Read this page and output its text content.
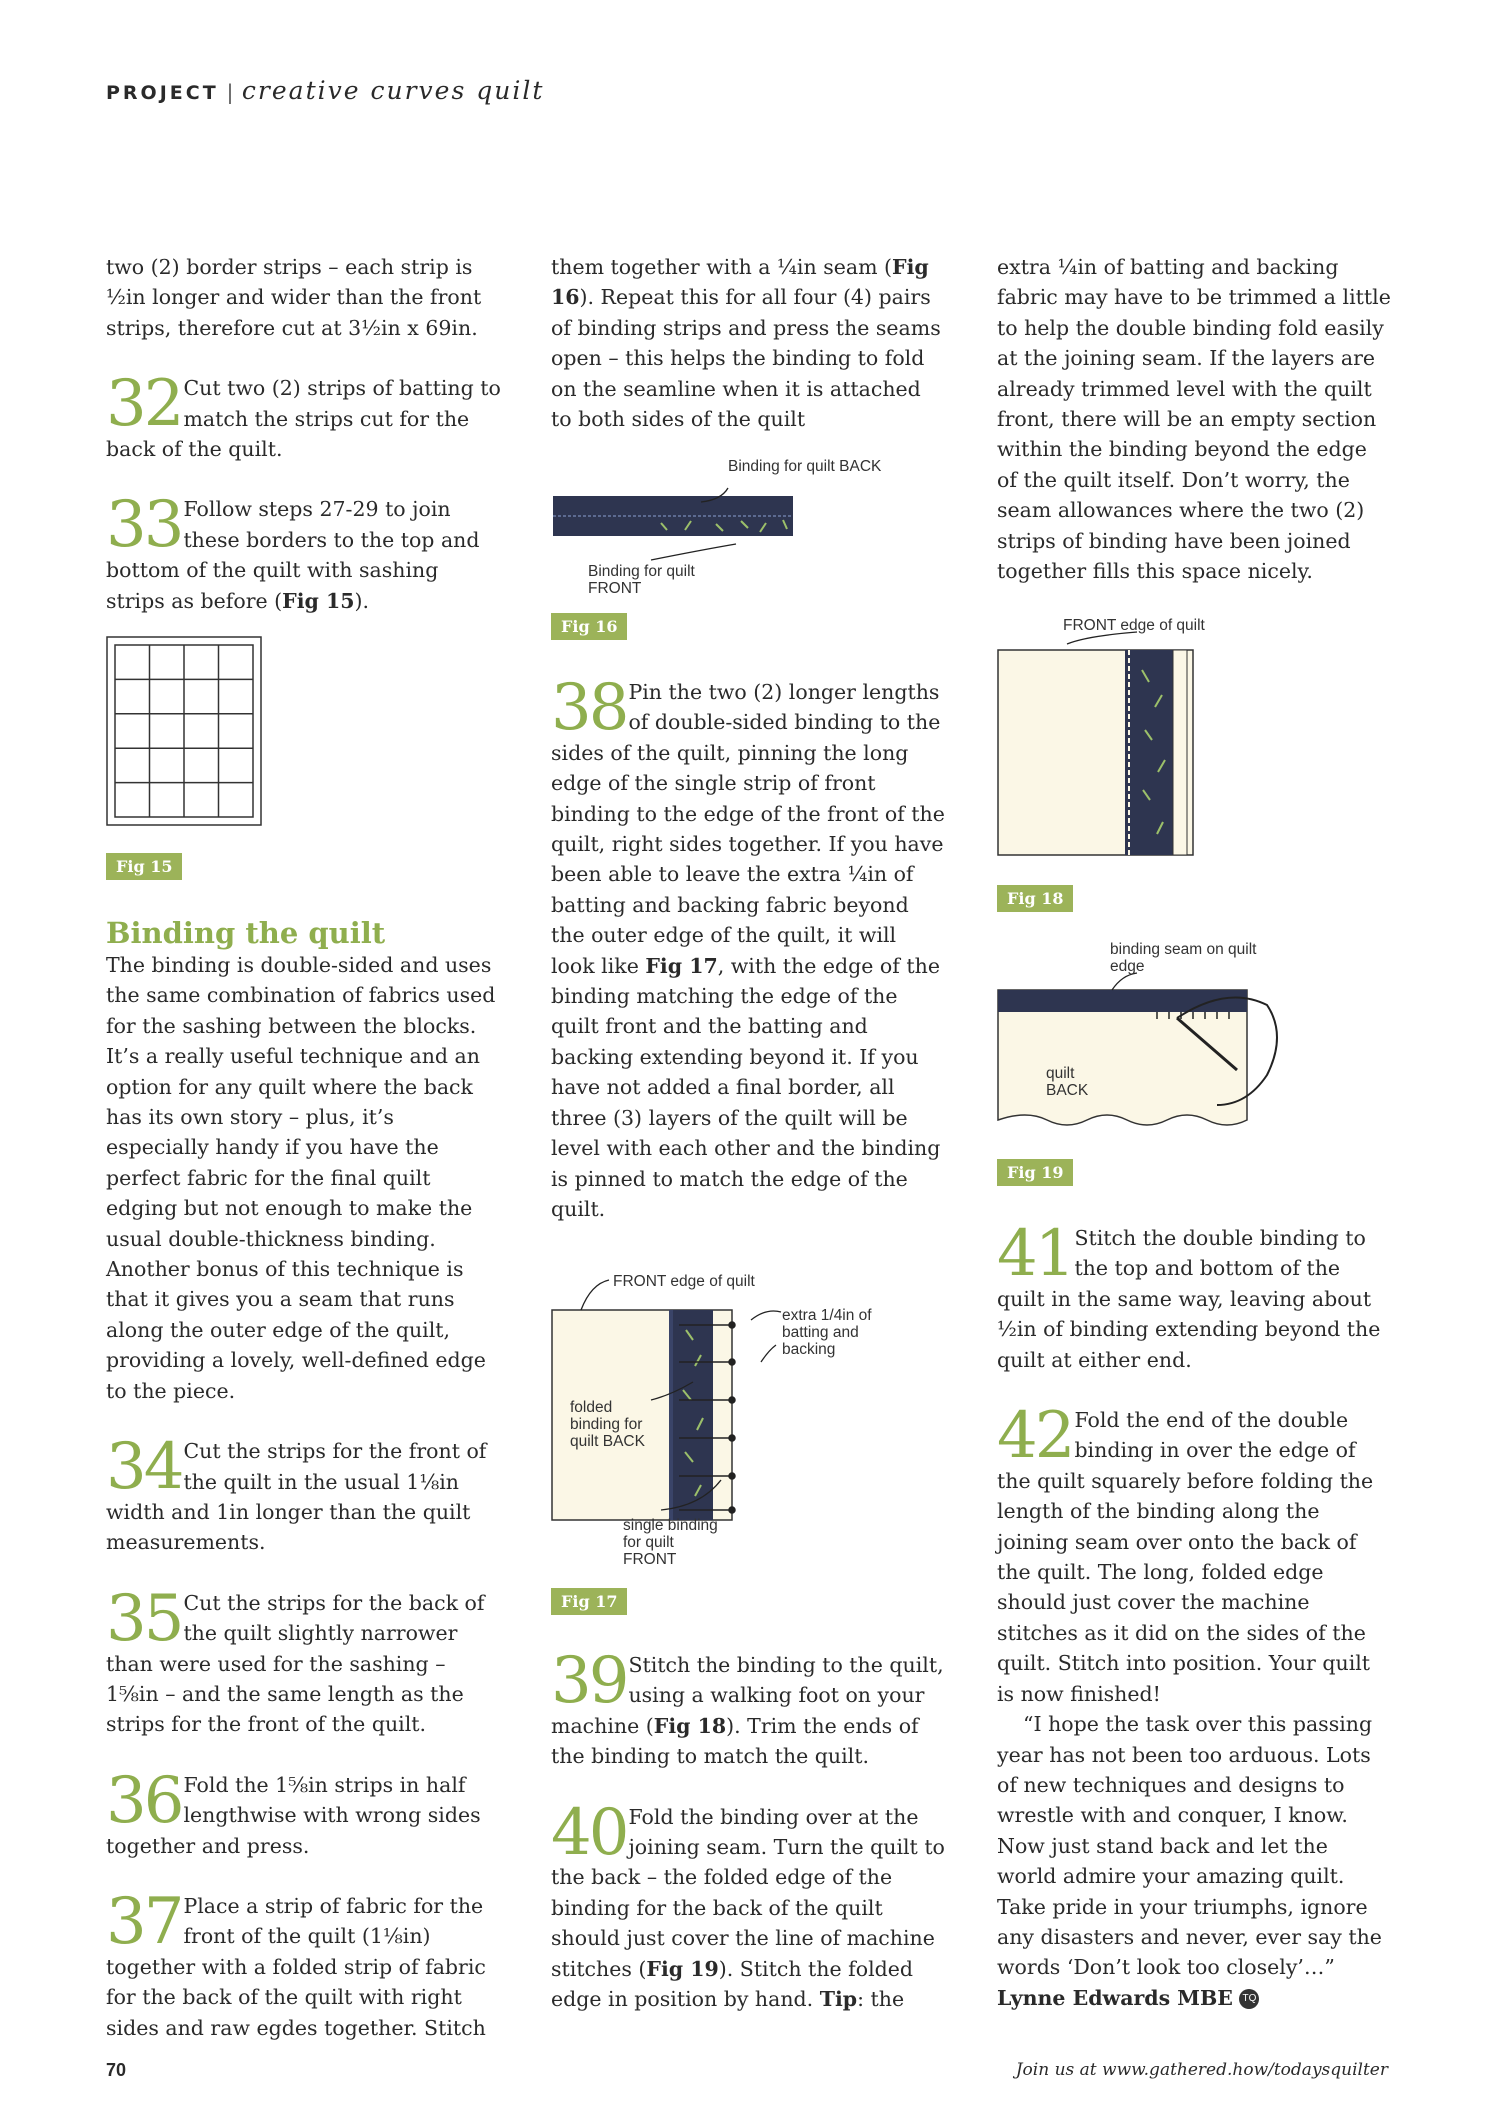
PROJECT | creative curves quilt

two (2) border strips – each strip is ½in longer and wider than the front strips, therefore cut at 3½in x 69in.

32 Cut two (2) strips of batting to match the strips cut for the back of the quilt.

33 Follow steps 27-29 to join these borders to the top and bottom of the quilt with sashing strips as before (Fig 15).

Fig 15
Binding the quilt

The binding is double-sided and uses the same combination of fabrics used for the sashing between the blocks. It’s a really useful technique and an option for any quilt where the back has its own story – plus, it’s especially handy if you have the perfect fabric for the final quilt edging but not enough to make the usual double-thickness binding. Another bonus of this technique is that it gives you a seam that runs along the outer edge of the quilt, providing a lovely, well-defined edge to the piece.

34 Cut the strips for the front of the quilt in the usual 1⅛in width and 1in longer than the quilt measurements.

35 Cut the strips for the back of the quilt slightly narrower than were used for the sashing – 1⅝in – and the same length as the strips for the front of the quilt.

36 Fold the 1⅝in strips in half lengthwise with wrong sides together and press.

37 Place a strip of fabric for the front of the quilt (1⅛in) together with a folded strip of fabric for the back of the quilt with right sides and raw egdes together. Stitch

them together with a ¼in seam (Fig 16). Repeat this for all four (4) pairs of binding strips and press the seams open – this helps the binding to fold on the seamline when it is attached to both sides of the quilt

Binding for quilt BACK
Binding for quilt FRONT
Fig 16

38 Pin the two (2) longer lengths of double-sided binding to the sides of the quilt, pinning the long edge of the single strip of front binding to the edge of the front of the quilt, right sides together. If you have been able to leave the extra ¼in of batting and backing fabric beyond the outer edge of the quilt, it will look like Fig 17, with the edge of the binding matching the edge of the quilt front and the batting and backing extending beyond it. If you have not added a final border, all three (3) layers of the quilt will be level with each other and the binding is pinned to match the edge of the quilt.

FRONT edge of quilt
extra 1/4in of batting and backing
folded binding for quilt BACK
single binding for quilt FRONT
Fig 17

39 Stitch the binding to the quilt, using a walking foot on your machine (Fig 18). Trim the ends of the binding to match the quilt.

40 Fold the binding over at the joining seam. Turn the quilt to the back – the folded edge of the binding for the back of the quilt should just cover the line of machine stitches (Fig 19). Stitch the folded edge in position by hand. Tip: the

extra ¼in of batting and backing fabric may have to be trimmed a little to help the double binding fold easily at the joining seam. If the layers are already trimmed level with the quilt front, there will be an empty section within the binding beyond the edge of the quilt itself. Don’t worry, the seam allowances where the two (2) strips of binding have been joined together fills this space nicely.

FRONT edge of quilt
Fig 18
binding seam on quilt edge
quilt BACK
Fig 19

41 Stitch the double binding to the top and bottom of the quilt in the same way, leaving about ½in of binding extending beyond the quilt at either end.

42 Fold the end of the double binding in over the edge of the quilt squarely before folding the length of the binding along the joining seam over onto the back of the quilt. The long, folded edge should just cover the machine stitches as it did on the sides of the quilt. Stitch into position. Your quilt is now finished!

“I hope the task over this passing year has not been too arduous. Lots of new techniques and designs to wrestle with and conquer, I know. Now just stand back and let the world admire your amazing quilt. Take pride in your triumphs, ignore any disasters and never, ever say the words ‘Don’t look too closely’…”

Lynne Edwards MBE TQ

70	Join us at www.gathered.how/todaysquilter
